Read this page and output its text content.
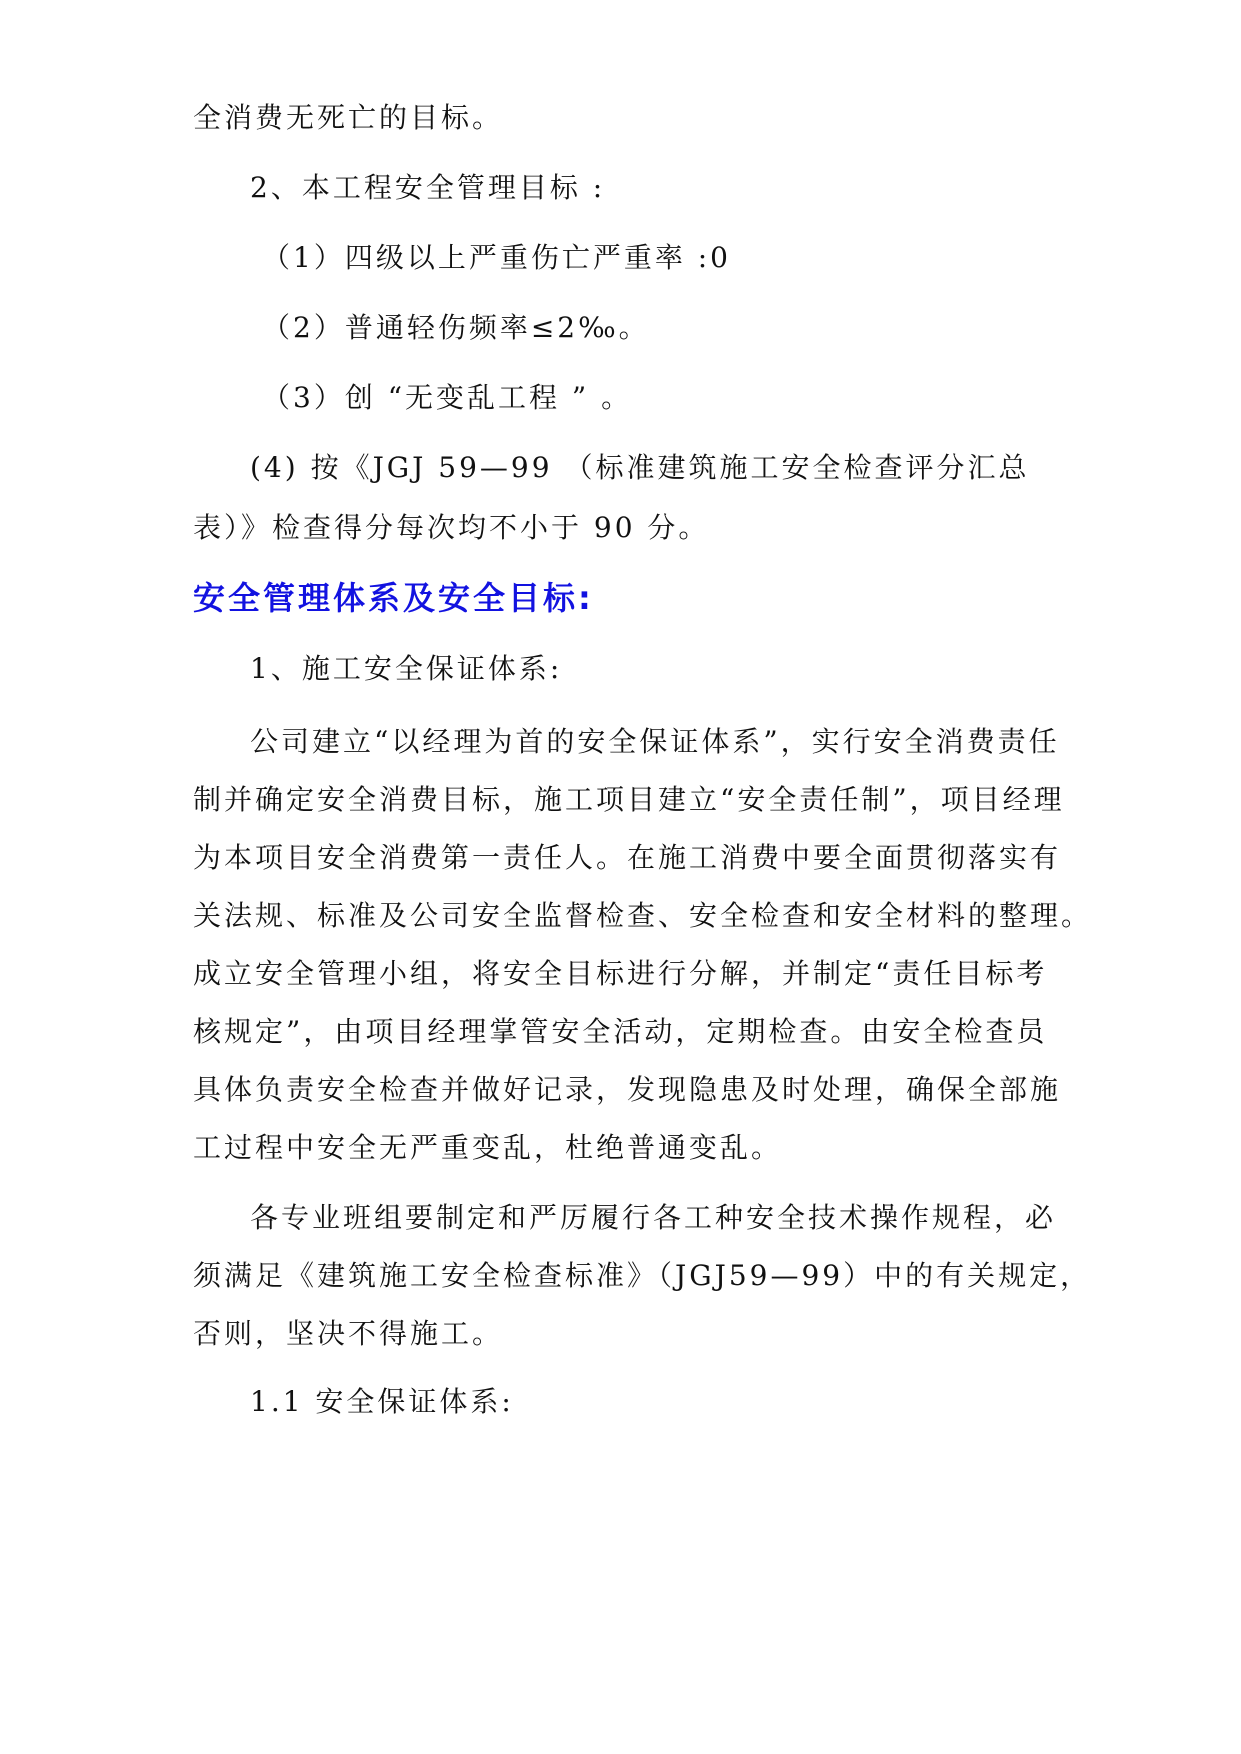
全消费无死亡的目标。
2、本工程安全管理目标 :
（1）四级以上严重伤亡严重率 :0
（2）普通轻伤频率≤2‰。
（3）创 “无变乱工程 ” 。
(4) 按《JGJ 59—99 （标准建筑施工安全检查评分汇总
表）》检查得分每次均不小于 90 分。
安全管理体系及安全目标:
1、施工安全保证体系:
公司建立“以经理为首的安全保证体系”，实行安全消费责任
制并确定安全消费目标，施工项目建立“安全责任制”，项目经理
为本项目安全消费第一责任人。在施工消费中要全面贯彻落实有
关法规、标准及公司安全监督检查、安全检查和安全材料的整理。
成立安全管理小组，将安全目标进行分解，并制定“责任目标考
核规定”，由项目经理掌管安全活动，定期检查。由安全检查员
具体负责安全检查并做好记录，发现隐患及时处理，确保全部施
工过程中安全无严重变乱，杜绝普通变乱。
各专业班组要制定和严厉履行各工种安全技术操作规程，必
须满足《建筑施工安全检查标准》（JGJ59—99）中的有关规定，
否则，坚决不得施工。
1.1 安全保证体系:
